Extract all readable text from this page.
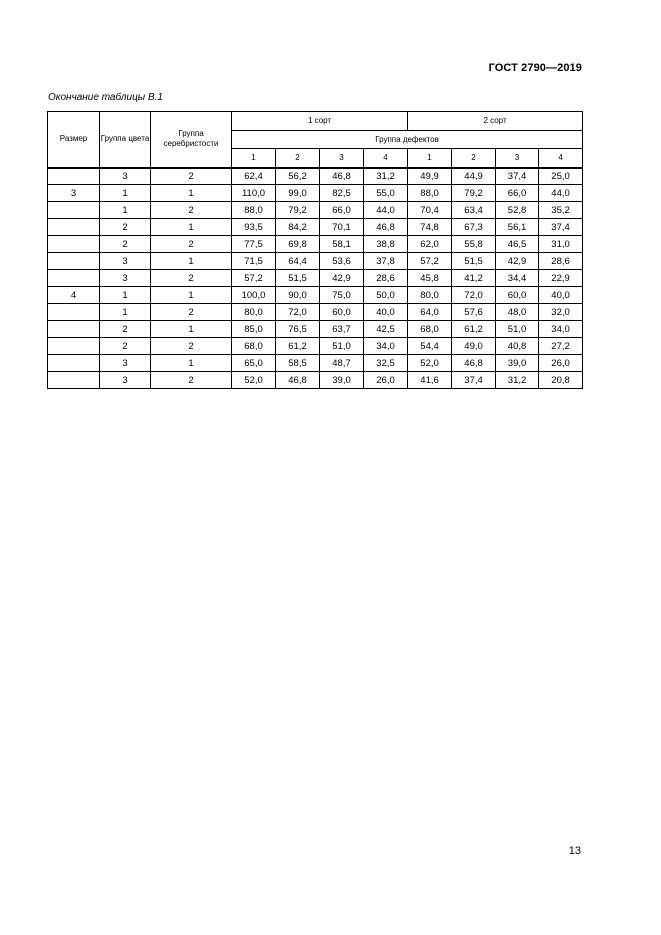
ГОСТ 2790—2019
Окончание таблицы В.1
Размер	Группа цвета	Группа серебристости	1 сорт				2 сорт			
			Группа дефектов							
			1	2	3	4	1	2	3	4
	3	2	62,4	56,2	46,8	31,2	49,9	44,9	37,4	25,0
3	1	1	110,0	99,0	82,5	55,0	88,0	79,2	66,0	44,0
	1	2	88,0	79,2	66,0	44,0	70,4	63,4	52,8	35,2
	2	1	93,5	84,2	70,1	46,8	74,8	67,3	56,1	37,4
	2	2	77,5	69,8	58,1	38,8	62,0	55,8	46,5	31,0
	3	1	71,5	64,4	53,6	37,8	57,2	51,5	42,9	28,6
	3	2	57,2	51,5	42,9	28,6	45,8	41,2	34,4	22,9
4	1	1	100,0	90,0	75,0	50,0	80,0	72,0	60,0	40,0
	1	2	80,0	72,0	60,0	40,0	64,0	57,6	48,0	32,0
	2	1	85,0	76,5	63,7	42,5	68,0	61,2	51,0	34,0
	2	2	68,0	61,2	51,0	34,0	54,4	49,0	40,8	27,2
	3	1	65,0	58,5	48,7	32,5	52,0	46,8	39,0	26,0
	3	2	52,0	46,8	39,0	26,0	41,6	37,4	31,2	20,8
13
